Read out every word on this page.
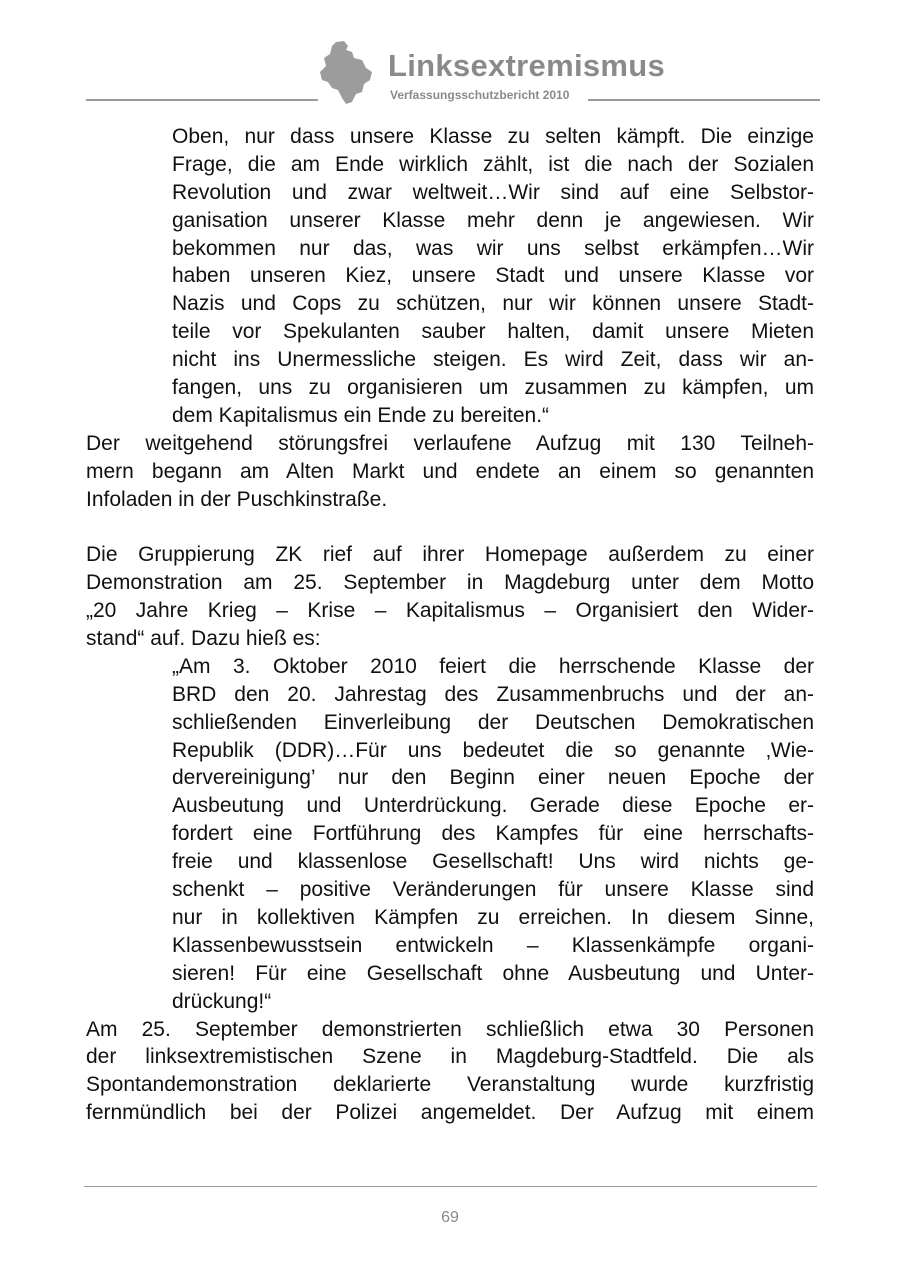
Linksextremismus
Verfassungsschutzbericht 2010
Oben, nur dass unsere Klasse zu selten kämpft. Die einzige
Frage, die am Ende wirklich zählt, ist die nach der Sozialen
Revolution und zwar weltweit…Wir sind auf eine Selbstor-
ganisation unserer Klasse mehr denn je angewiesen. Wir
bekommen nur das, was wir uns selbst erkämpfen…Wir
haben unseren Kiez, unsere Stadt und unsere Klasse vor
Nazis und Cops zu schützen, nur wir können unsere Stadt-
teile vor Spekulanten sauber halten, damit unsere Mieten
nicht ins Unermessliche steigen. Es wird Zeit, dass wir an-
fangen, uns zu organisieren um zusammen zu kämpfen, um
dem Kapitalismus ein Ende zu bereiten.“
Der weitgehend störungsfrei verlaufene Aufzug mit 130 Teilneh-
mern begann am Alten Markt und endete an einem so genannten
Infoladen in der Puschkinstraße.
Die Gruppierung ZK rief auf ihrer Homepage außerdem zu einer
Demonstration am 25. September in Magdeburg unter dem Motto
„20 Jahre Krieg – Krise – Kapitalismus – Organisiert den Wider-
stand“ auf. Dazu hieß es:
„Am 3. Oktober 2010 feiert die herrschende Klasse der
BRD den 20. Jahrestag des Zusammenbruchs und der an-
schließenden Einverleibung der Deutschen Demokratischen
Republik (DDR)…Für uns bedeutet die so genannte ‚Wie-
dervereinigung’ nur den Beginn einer neuen Epoche der
Ausbeutung und Unterdrückung. Gerade diese Epoche er-
fordert eine Fortführung des Kampfes für eine herrschafts-
freie und klassenlose Gesellschaft! Uns wird nichts ge-
schenkt – positive Veränderungen für unsere Klasse sind
nur in kollektiven Kämpfen zu erreichen. In diesem Sinne,
Klassenbewusstsein entwickeln – Klassenkämpfe organi-
sieren! Für eine Gesellschaft ohne Ausbeutung und Unter-
drückung!“
Am 25. September demonstrierten schließlich etwa 30 Personen
der linksextremistischen Szene in Magdeburg-Stadtfeld. Die als
Spontandemonstration deklarierte Veranstaltung wurde kurzfristig
fernmündlich bei der Polizei angemeldet. Der Aufzug mit einem
69
